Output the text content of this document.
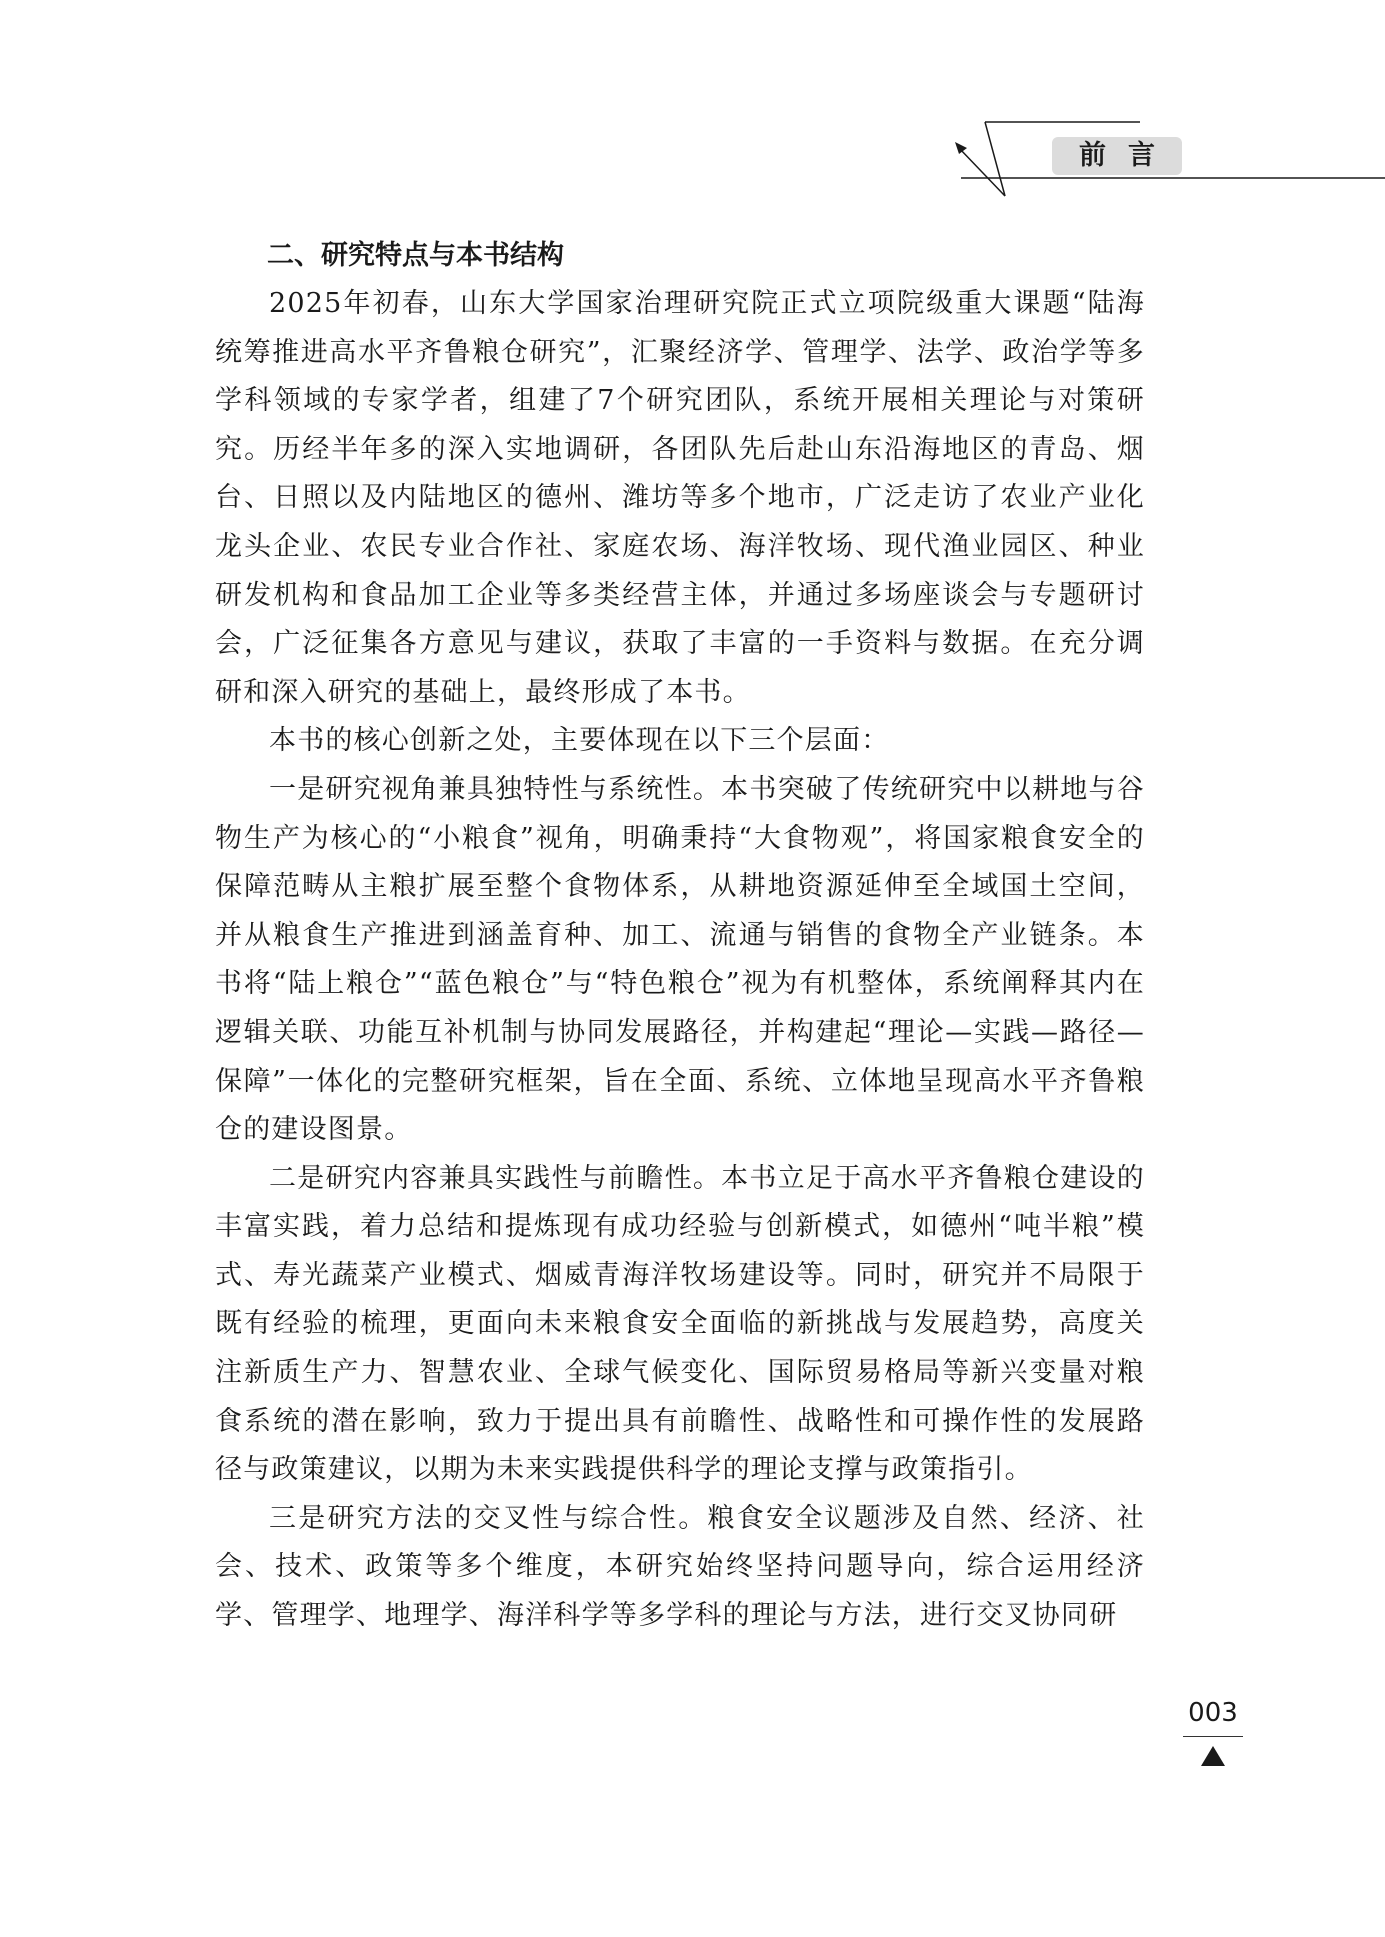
前言
二、研究特点与本书结构

2025年初春，山东大学国家治理研究院正式立项院级重大课题“陆海统筹推进高水平齐鲁粮仓研究”，汇聚经济学、管理学、法学、政治学等多学科领域的专家学者，组建了7个研究团队，系统开展相关理论与对策研究。历经半年多的深入实地调研，各团队先后赴山东沿海地区的青岛、烟台、日照以及内陆地区的德州、潍坊等多个地市，广泛走访了农业产业化龙头企业、农民专业合作社、家庭农场、海洋牧场、现代渔业园区、种业研发机构和食品加工企业等多类经营主体，并通过多场座谈会与专题研讨会，广泛征集各方意见与建议，获取了丰富的一手资料与数据。在充分调研和深入研究的基础上，最终形成了本书。

本书的核心创新之处，主要体现在以下三个层面：

一是研究视角兼具独特性与系统性。本书突破了传统研究中以耕地与谷物生产为核心的“小粮食”视角，明确秉持“大食物观”，将国家粮食安全的保障范畴从主粮扩展至整个食物体系，从耕地资源延伸至全域国土空间，并从粮食生产推进到涵盖育种、加工、流通与销售的食物全产业链条。本书将“陆上粮仓”“蓝色粮仓”与“特色粮仓”视为有机整体，系统阐释其内在逻辑关联、功能互补机制与协同发展路径，并构建起“理论—实践—路径—保障”一体化的完整研究框架，旨在全面、系统、立体地呈现高水平齐鲁粮仓的建设图景。

二是研究内容兼具实践性与前瞻性。本书立足于高水平齐鲁粮仓建设的丰富实践，着力总结和提炼现有成功经验与创新模式，如德州“吨半粮”模式、寿光蔬菜产业模式、烟威青海洋牧场建设等。同时，研究并不局限于既有经验的梳理，更面向未来粮食安全面临的新挑战与发展趋势，高度关注新质生产力、智慧农业、全球气候变化、国际贸易格局等新兴变量对粮食系统的潜在影响，致力于提出具有前瞻性、战略性和可操作性的发展路径与政策建议，以期为未来实践提供科学的理论支撑与政策指引。

三是研究方法的交叉性与综合性。粮食安全议题涉及自然、经济、社会、技术、政策等多个维度，本研究始终坚持问题导向，综合运用经济学、管理学、地理学、海洋科学等多学科的理论与方法，进行交叉协同研

003
